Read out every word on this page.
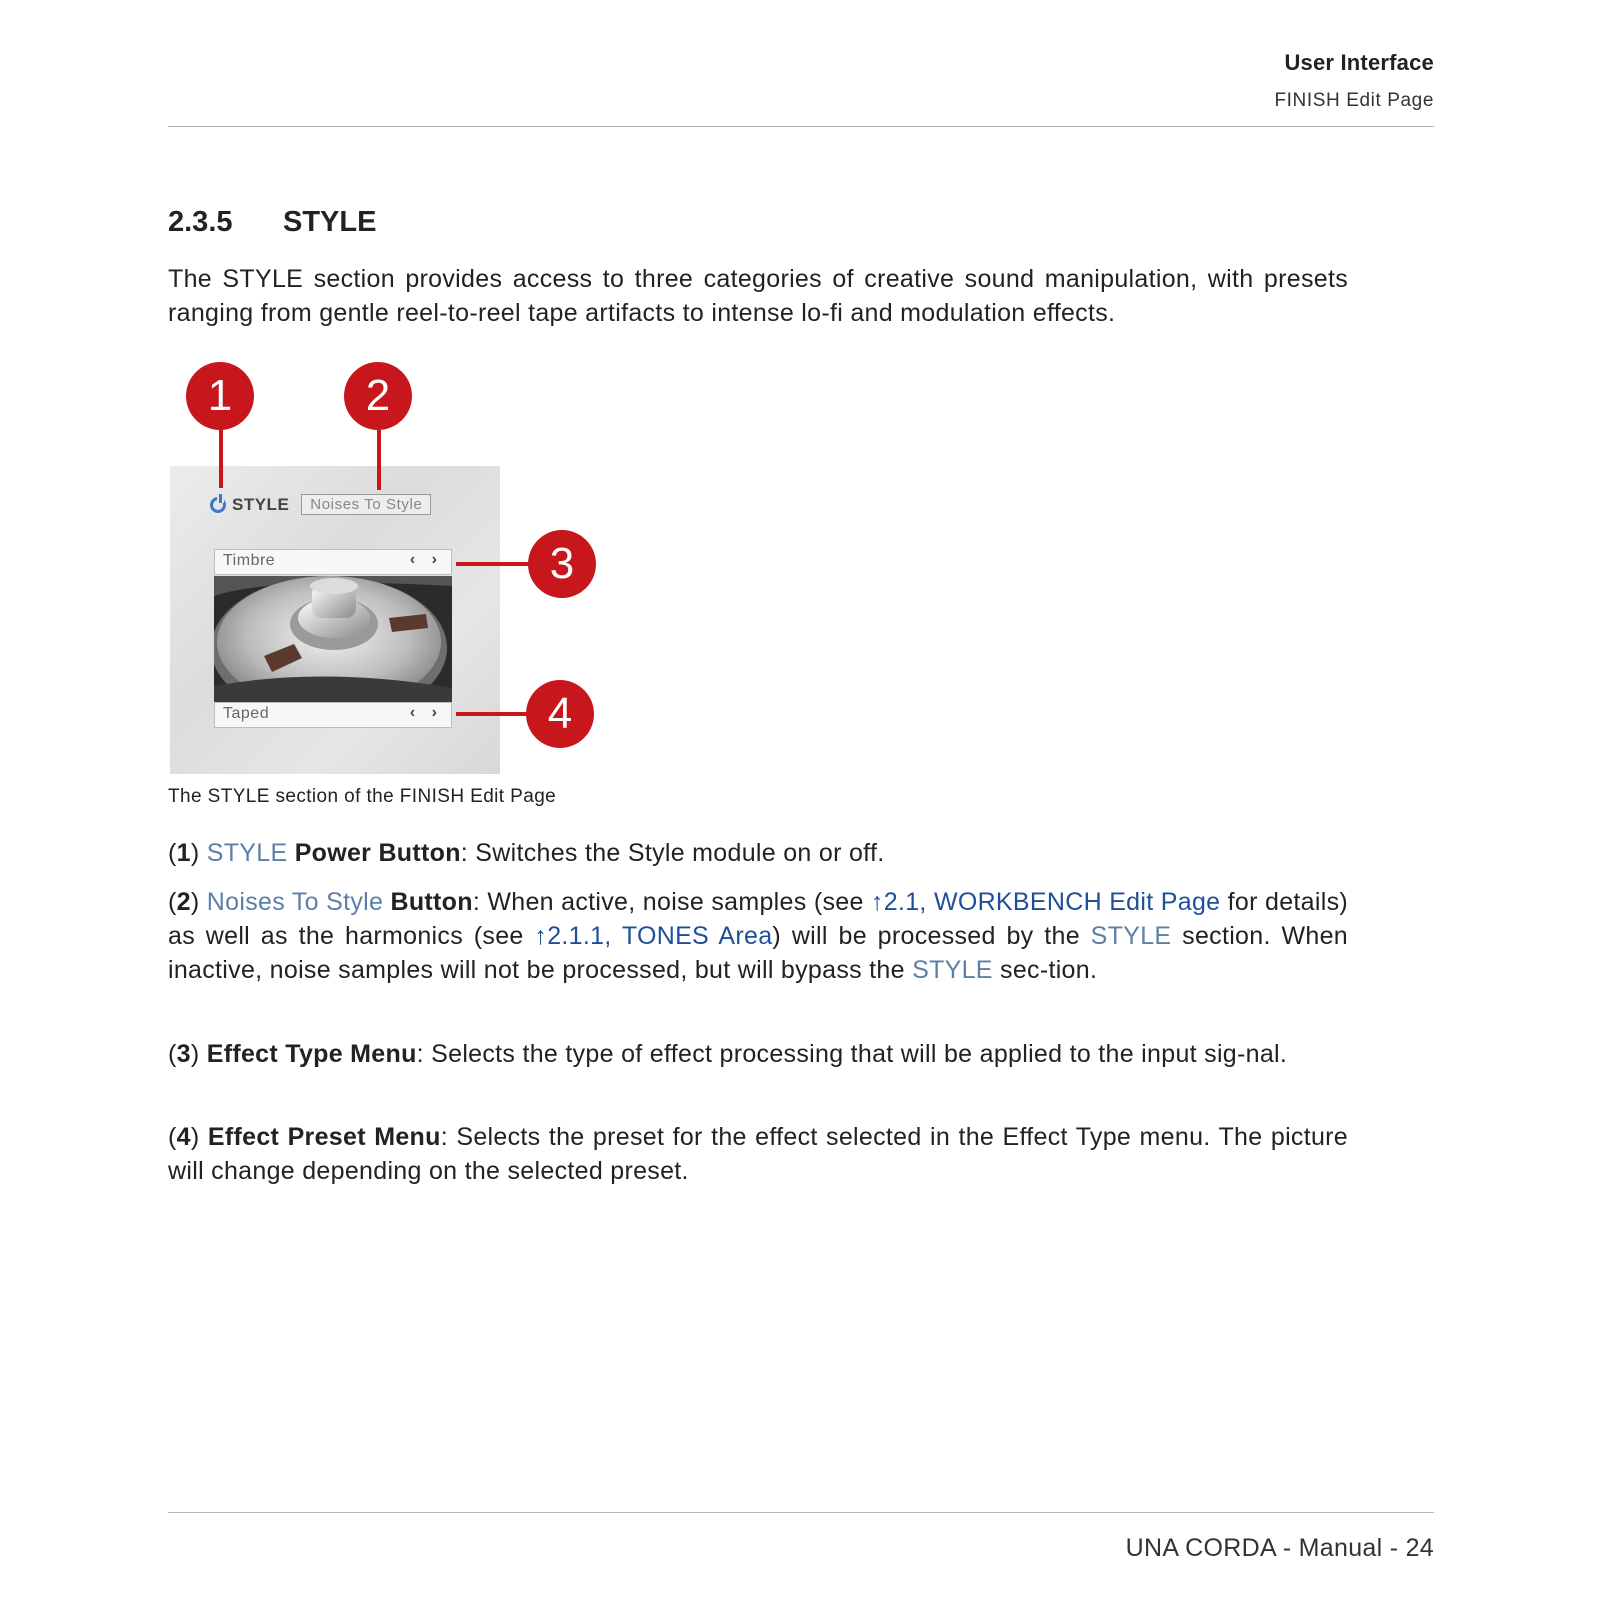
User Interface
FINISH Edit Page
2.3.5 STYLE
The STYLE section provides access to three categories of creative sound manipulation, with presets ranging from gentle reel-to-reel tape artifacts to intense lo-fi and modulation effects.
STYLE	Noises To Style
Timbre	‹ ›
Taped	‹ ›
1	2
3
4
The STYLE section of the FINISH Edit Page
(1) STYLE Power Button: Switches the Style module on or off.
(2) Noises To Style Button: When active, noise samples (see ↑2.1, WORKBENCH Edit Page for details) as well as the harmonics (see ↑2.1.1, TONES Area) will be processed by the STYLE section. When inactive, noise samples will not be processed, but will bypass the STYLE sec-tion.
(3) Effect Type Menu: Selects the type of effect processing that will be applied to the input sig-nal.
(4) Effect Preset Menu: Selects the preset for the effect selected in the Effect Type menu. The picture will change depending on the selected preset.
UNA CORDA - Manual - 24
